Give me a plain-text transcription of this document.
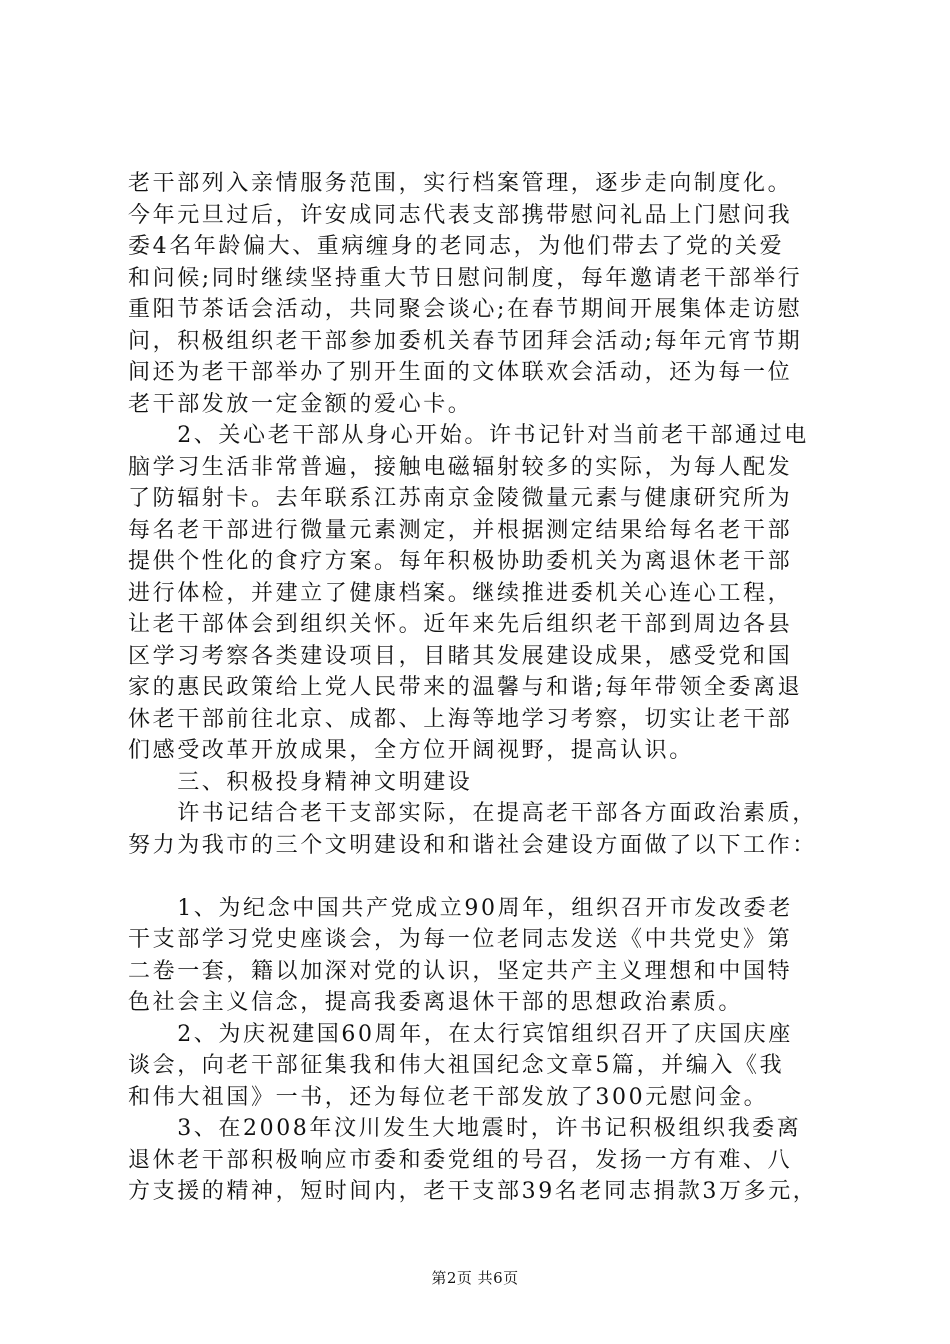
老干部列入亲情服务范围，实行档案管理，逐步走向制度化。
今年元旦过后，许安成同志代表支部携带慰问礼品上门慰问我
委4名年龄偏大、重病缠身的老同志，为他们带去了党的关爱
和问候;同时继续坚持重大节日慰问制度，每年邀请老干部举行
重阳节茶话会活动，共同聚会谈心;在春节期间开展集体走访慰
问，积极组织老干部参加委机关春节团拜会活动;每年元宵节期
间还为老干部举办了别开生面的文体联欢会活动，还为每一位
老干部发放一定金额的爱心卡。
　　2、关心老干部从身心开始。许书记针对当前老干部通过电
脑学习生活非常普遍，接触电磁辐射较多的实际，为每人配发
了防辐射卡。去年联系江苏南京金陵微量元素与健康研究所为
每名老干部进行微量元素测定，并根据测定结果给每名老干部
提供个性化的食疗方案。每年积极协助委机关为离退休老干部
进行体检，并建立了健康档案。继续推进委机关心连心工程，
让老干部体会到组织关怀。近年来先后组织老干部到周边各县
区学习考察各类建设项目，目睹其发展建设成果，感受党和国
家的惠民政策给上党人民带来的温馨与和谐;每年带领全委离退
休老干部前往北京、成都、上海等地学习考察，切实让老干部
们感受改革开放成果，全方位开阔视野，提高认识。
　　三、积极投身精神文明建设
　　许书记结合老干支部实际，在提高老干部各方面政治素质，
努力为我市的三个文明建设和和谐社会建设方面做了以下工作：
　　1、为纪念中国共产党成立90周年，组织召开市发改委老
干支部学习党史座谈会，为每一位老同志发送《中共党史》第
二卷一套，籍以加深对党的认识，坚定共产主义理想和中国特
色社会主义信念，提高我委离退休干部的思想政治素质。
　　2、为庆祝建国60周年，在太行宾馆组织召开了庆国庆座
谈会，向老干部征集我和伟大祖国纪念文章5篇，并编入《我
和伟大祖国》一书，还为每位老干部发放了300元慰问金。
　　3、在2008年汶川发生大地震时，许书记积极组织我委离
退休老干部积极响应市委和委党组的号召，发扬一方有难、八
方支援的精神，短时间内，老干支部39名老同志捐款3万多元，
第2页 共6页
